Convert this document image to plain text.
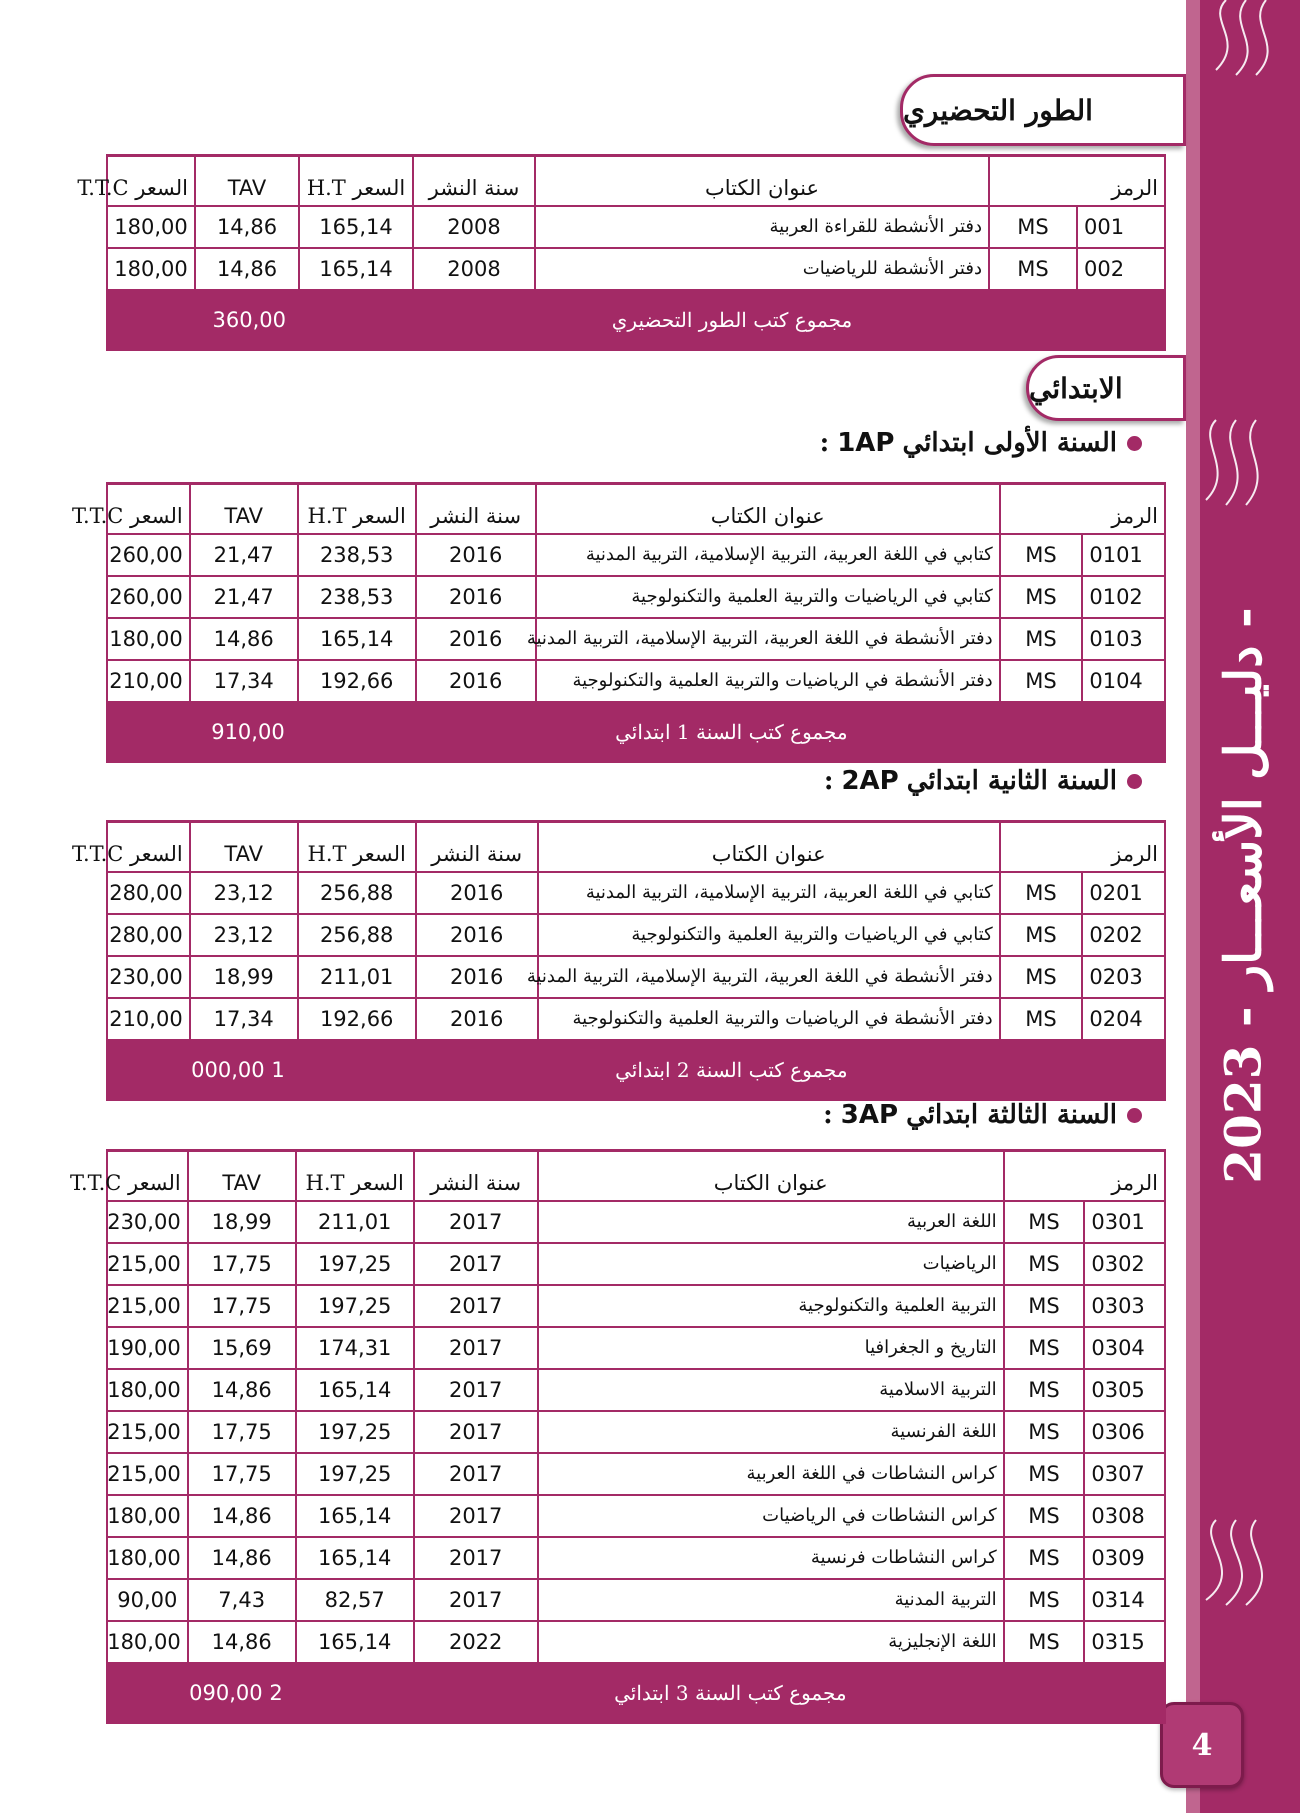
دليـــل الأسعـــار - 2023 -
4
الطور التحضيري
الرمز		عنوان الكتاب	سنة النشر	السعر H.T	TAV	السعر T.T.C
001	MS	دفتر الأنشطة للقراءة العربية	2008	165,14	14,86	180,00
002	MS	دفتر الأنشطة للرياضيات	2008	165,14	14,86	180,00
مجموع كتب الطور التحضيري					360,00	
الابتدائي
السنة الأولى ابتدائي
1AP
:
الرمز		عنوان الكتاب	سنة النشر	السعر H.T	TAV	السعر T.T.C
0101	MS	كتابي في اللغة العربية، التربية الإسلامية، التربية المدنية	2016	238,53	21,47	260,00
0102	MS	كتابي في الرياضيات والتربية العلمية والتكنولوجية	2016	238,53	21,47	260,00
0103	MS	دفتر الأنشطة في اللغة العربية، التربية الإسلامية، التربية المدنية	2016	165,14	14,86	180,00
0104	MS	دفتر الأنشطة في الرياضيات والتربية العلمية والتكنولوجية	2016	192,66	17,34	210,00
مجموع كتب السنة 1 ابتدائي					910,00	
السنة الثانية ابتدائي
2AP
:
الرمز		عنوان الكتاب	سنة النشر	السعر H.T	TAV	السعر T.T.C
0201	MS	كتابي في اللغة العربية، التربية الإسلامية، التربية المدنية	2016	256,88	23,12	280,00
0202	MS	كتابي في الرياضيات والتربية العلمية والتكنولوجية	2016	256,88	23,12	280,00
0203	MS	دفتر الأنشطة في اللغة العربية، التربية الإسلامية، التربية المدنية	2016	211,01	18,99	230,00
0204	MS	دفتر الأنشطة في الرياضيات والتربية العلمية والتكنولوجية	2016	192,66	17,34	210,00
مجموع كتب السنة 2 ابتدائي					1 000,00	
السنة الثالثة ابتدائي
3AP
:
الرمز		عنوان الكتاب	سنة النشر	السعر H.T	TAV	السعر T.T.C
0301	MS	اللغة العربية	2017	211,01	18,99	230,00
0302	MS	الرياضيات	2017	197,25	17,75	215,00
0303	MS	التربية العلمية والتكنولوجية	2017	197,25	17,75	215,00
0304	MS	التاريخ و الجغرافيا	2017	174,31	15,69	190,00
0305	MS	التربية الاسلامية	2017	165,14	14,86	180,00
0306	MS	اللغة الفرنسية	2017	197,25	17,75	215,00
0307	MS	كراس النشاطات في اللغة العربية	2017	197,25	17,75	215,00
0308	MS	كراس النشاطات في الرياضيات	2017	165,14	14,86	180,00
0309	MS	كراس النشاطات فرنسية	2017	165,14	14,86	180,00
0314	MS	التربية المدنية	2017	82,57	7,43	90,00
0315	MS	اللغة الإنجليزية	2022	165,14	14,86	180,00
مجموع كتب السنة 3 ابتدائي					2 090,00	
